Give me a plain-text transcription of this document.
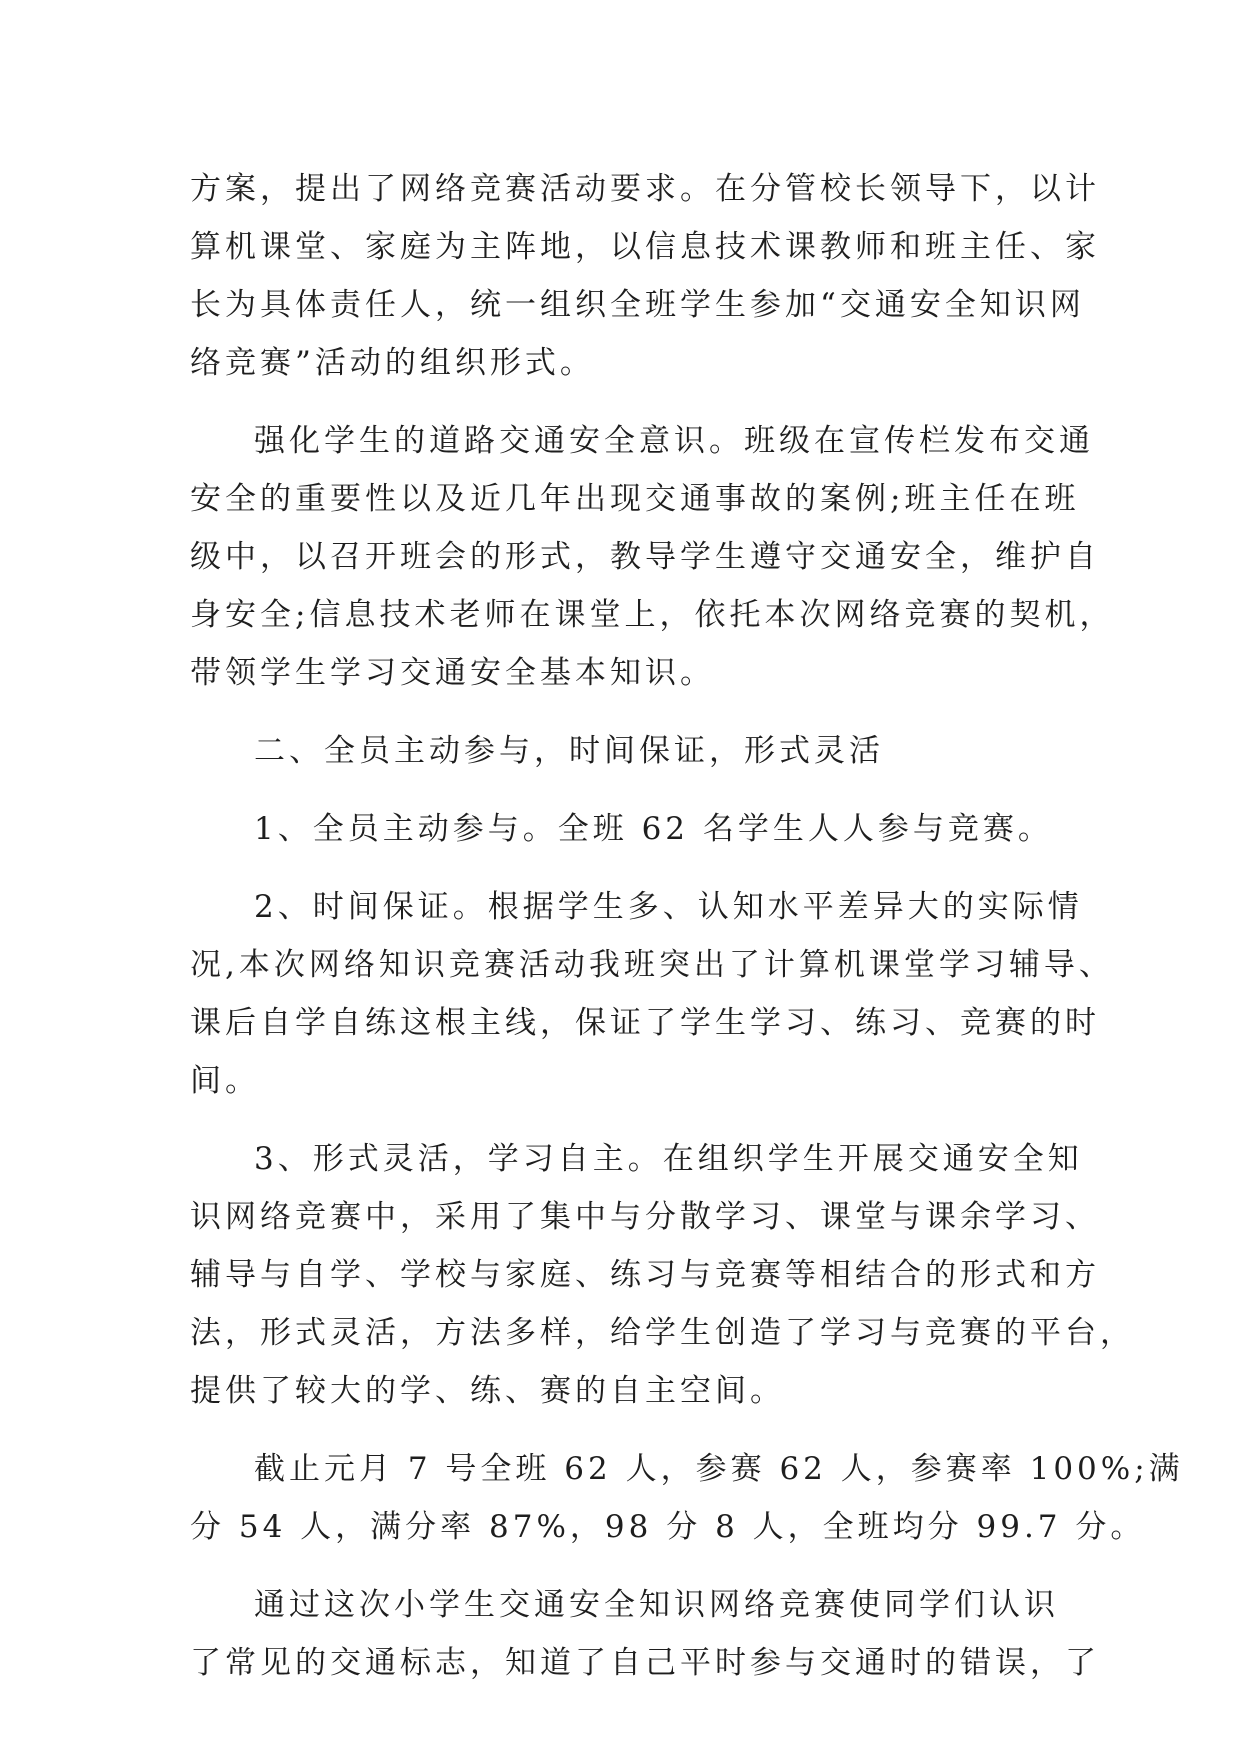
方案，提出了网络竞赛活动要求。在分管校长领导下，以计
算机课堂、家庭为主阵地，以信息技术课教师和班主任、家
长为具体责任人，统一组织全班学生参加“交通安全知识网
络竞赛”活动的组织形式。
强化学生的道路交通安全意识。班级在宣传栏发布交通
安全的重要性以及近几年出现交通事故的案例;班主任在班
级中，以召开班会的形式，教导学生遵守交通安全，维护自
身安全;信息技术老师在课堂上，依托本次网络竞赛的契机，
带领学生学习交通安全基本知识。
二、全员主动参与，时间保证，形式灵活
1、全员主动参与。全班 62 名学生人人参与竞赛。
2、时间保证。根据学生多、认知水平差异大的实际情
况,本次网络知识竞赛活动我班突出了计算机课堂学习辅导、
课后自学自练这根主线，保证了学生学习、练习、竞赛的时
间。
3、形式灵活，学习自主。在组织学生开展交通安全知
识网络竞赛中，采用了集中与分散学习、课堂与课余学习、
辅导与自学、学校与家庭、练习与竞赛等相结合的形式和方
法，形式灵活，方法多样，给学生创造了学习与竞赛的平台，
提供了较大的学、练、赛的自主空间。
截止元月 7 号全班 62 人，参赛 62 人，参赛率 100%;满
分 54 人，满分率 87%，98 分 8 人，全班均分 99.7 分。
通过这次小学生交通安全知识网络竞赛使同学们认识
了常见的交通标志，知道了自己平时参与交通时的错误，了
